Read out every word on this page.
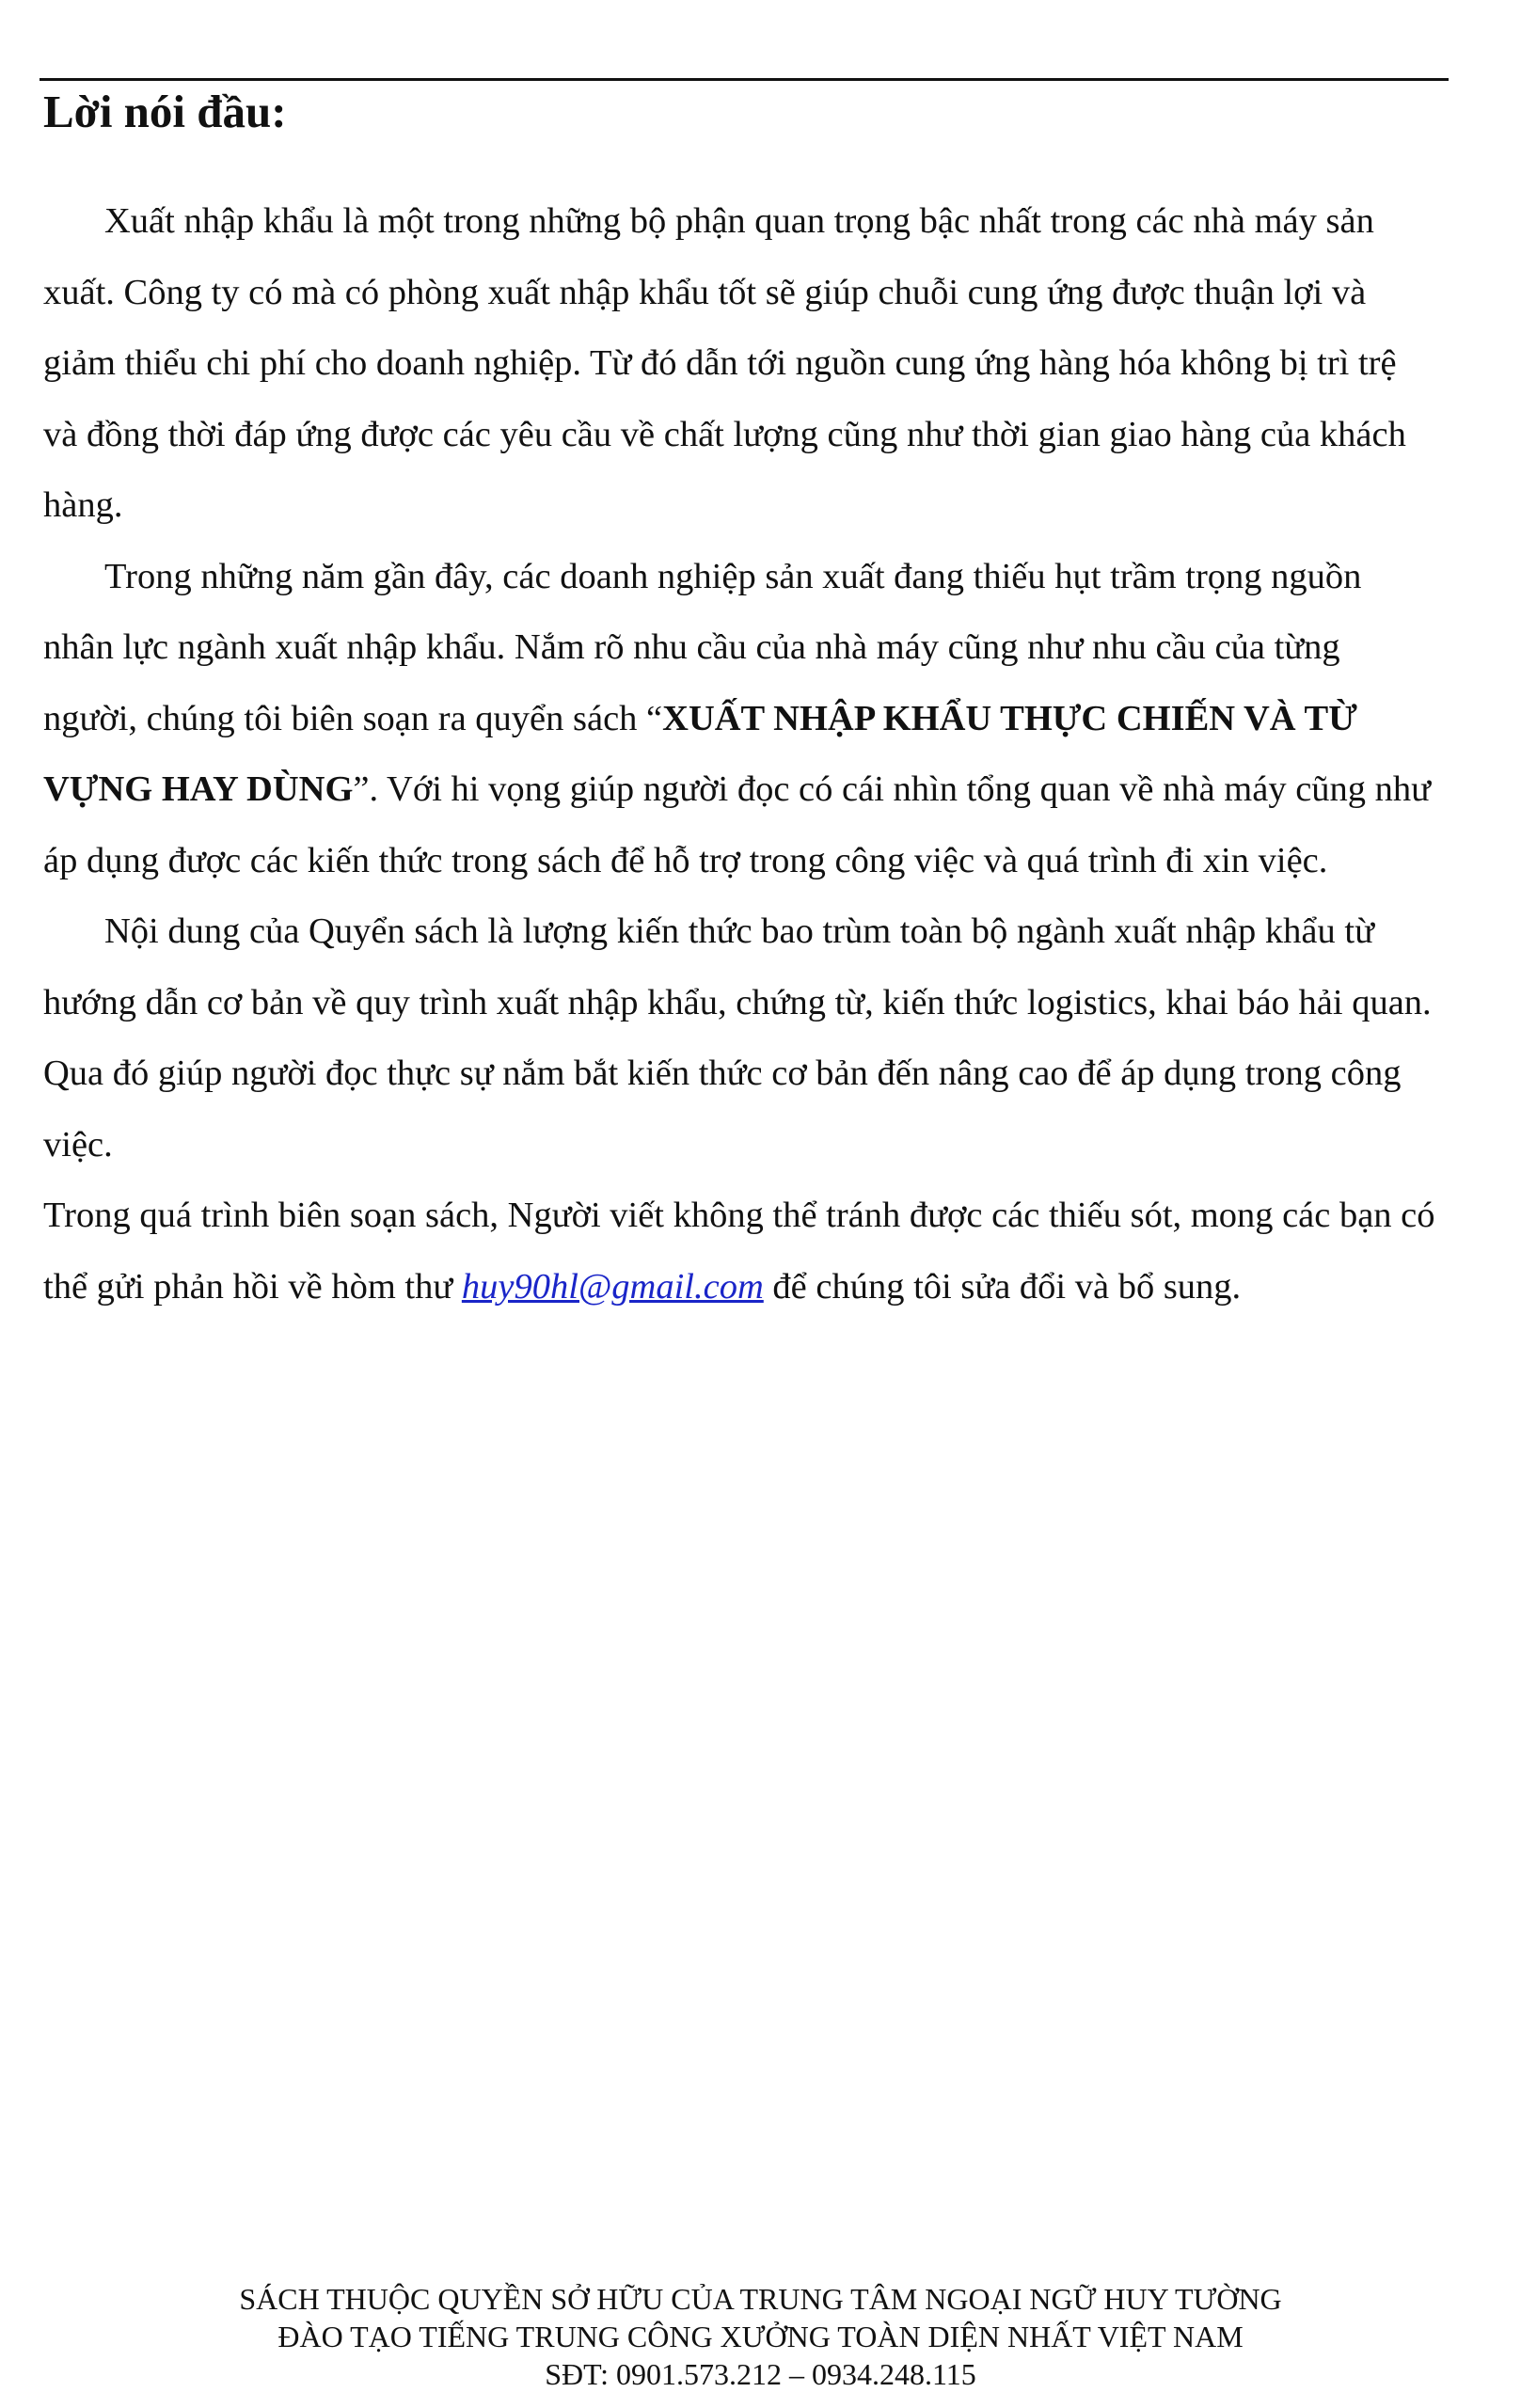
Lời nói đầu:

Xuất nhập khẩu là một trong những bộ phận quan trọng bậc nhất trong các nhà máy sản xuất. Công ty có mà có phòng xuất nhập khẩu tốt sẽ giúp chuỗi cung ứng được thuận lợi và giảm thiểu chi phí cho doanh nghiệp. Từ đó dẫn tới nguồn cung ứng hàng hóa không bị trì trệ và đồng thời đáp ứng được các yêu cầu về chất lượng cũng như thời gian giao hàng của khách hàng.

Trong những năm gần đây, các doanh nghiệp sản xuất đang thiếu hụt trầm trọng nguồn nhân lực ngành xuất nhập khẩu. Nắm rõ nhu cầu của nhà máy cũng như nhu cầu của từng người, chúng tôi biên soạn ra quyển sách “XUẤT NHẬP KHẨU THỰC CHIẾN VÀ TỪ VỰNG HAY DÙNG”. Với hi vọng giúp người đọc có cái nhìn tổng quan về nhà máy cũng như áp dụng được các kiến thức trong sách để hỗ trợ trong công việc và quá trình đi xin việc.

Nội dung của Quyển sách là lượng kiến thức bao trùm toàn bộ ngành xuất nhập khẩu từ hướng dẫn cơ bản về quy trình xuất nhập khẩu, chứng từ, kiến thức logistics, khai báo hải quan. Qua đó giúp người đọc thực sự nắm bắt kiến thức cơ bản đến nâng cao để áp dụng trong công việc.

Trong quá trình biên soạn sách, Người viết không thể tránh được các thiếu sót, mong các bạn có thể gửi phản hồi về hòm thư huy90hl@gmail.com để chúng tôi sửa đổi và bổ sung.

SÁCH THUỘC QUYỀN SỞ HỮU CỦA TRUNG TÂM NGOẠI NGỮ HUY TƯỜNG
ĐÀO TẠO TIẾNG TRUNG CÔNG XƯỞNG TOÀN DIỆN NHẤT VIỆT NAM
SĐT: 0901.573.212 – 0934.248.115
